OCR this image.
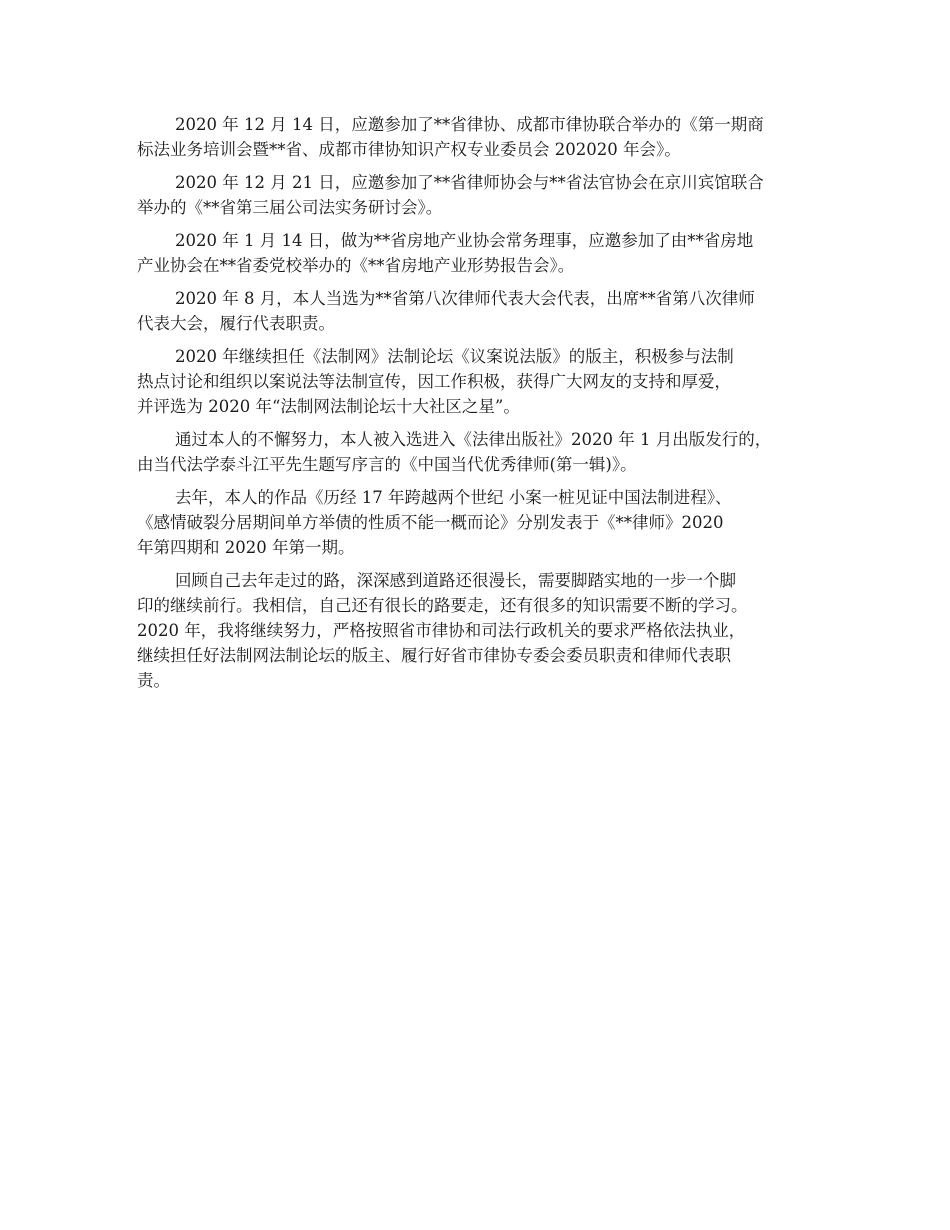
2020 年 12 月 14 日，应邀参加了**省律协、成都市律协联合举办的《第一期商
标法业务培训会暨**省、成都市律协知识产权专业委员会 202020 年会》。

2020 年 12 月 21 日，应邀参加了**省律师协会与**省法官协会在京川宾馆联合
举办的《**省第三届公司法实务研讨会》。

2020 年 1 月 14 日，做为**省房地产业协会常务理事，应邀参加了由**省房地
产业协会在**省委党校举办的《**省房地产业形势报告会》。

2020 年 8 月，本人当选为**省第八次律师代表大会代表，出席**省第八次律师
代表大会，履行代表职责。

2020 年继续担任《法制网》法制论坛《议案说法版》的版主，积极参与法制
热点讨论和组织以案说法等法制宣传，因工作积极，获得广大网友的支持和厚爱，
并评选为 2020 年“法制网法制论坛十大社区之星”。

通过本人的不懈努力，本人被入选进入《法律出版社》2020 年 1 月出版发行的，
由当代法学泰斗江平先生题写序言的《中国当代优秀律师(第一辑)》。

去年，本人的作品《历经 17 年跨越两个世纪 小案一桩见证中国法制进程》、
《感情破裂分居期间单方举债的性质不能一概而论》分别发表于《**律师》2020
年第四期和 2020 年第一期。

回顾自己去年走过的路，深深感到道路还很漫长，需要脚踏实地的一步一个脚
印的继续前行。我相信，自己还有很长的路要走，还有很多的知识需要不断的学习。
2020 年，我将继续努力，严格按照省市律协和司法行政机关的要求严格依法执业，
继续担任好法制网法制论坛的版主、履行好省市律协专委会委员职责和律师代表职
责。
